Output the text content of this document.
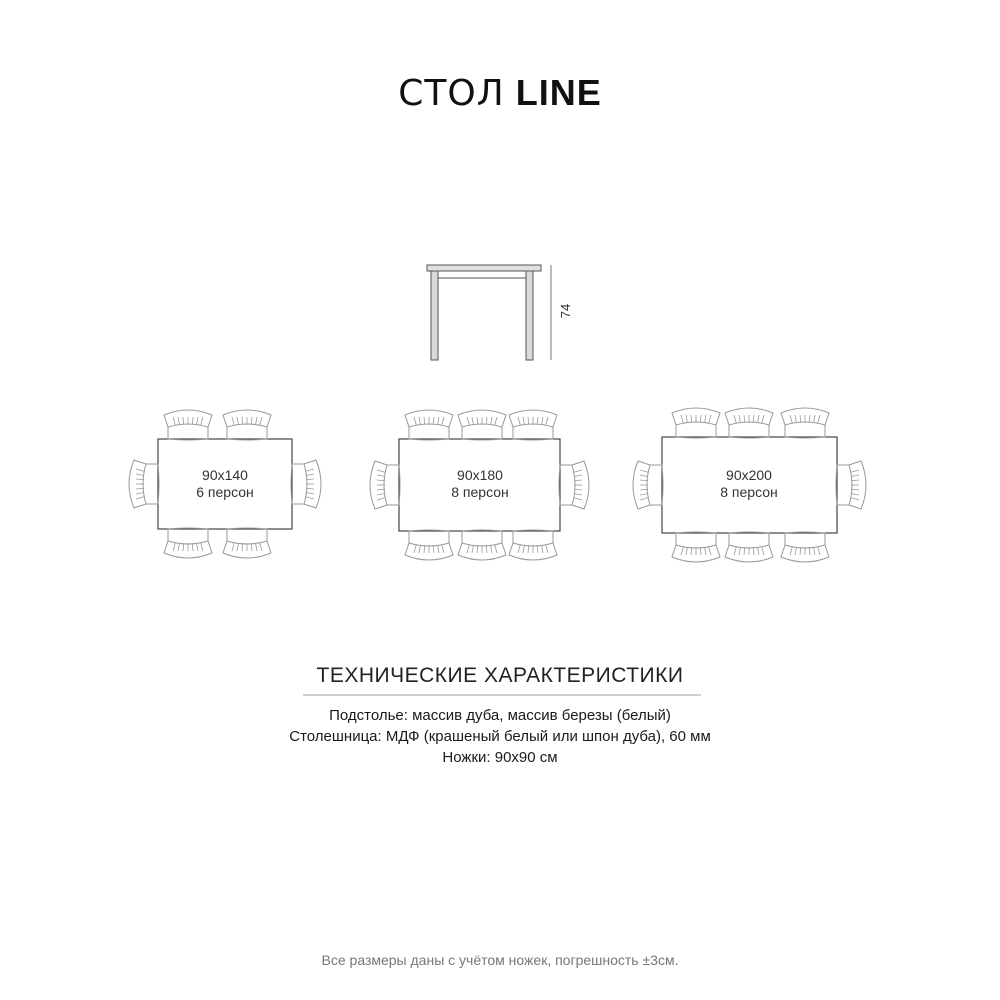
СТОЛ LINE
74
90x140
6 персон
90x180
8 персон
90x200
8 персон
ТЕХНИЧЕСКИЕ ХАРАКТЕРИСТИКИ
Подстолье: массив дуба, массив березы (белый)
Столешница: МДФ (крашеный белый или шпон дуба), 60 мм
Ножки: 90х90 см
Все размеры даны с учётом ножек, погрешность ±3см.
